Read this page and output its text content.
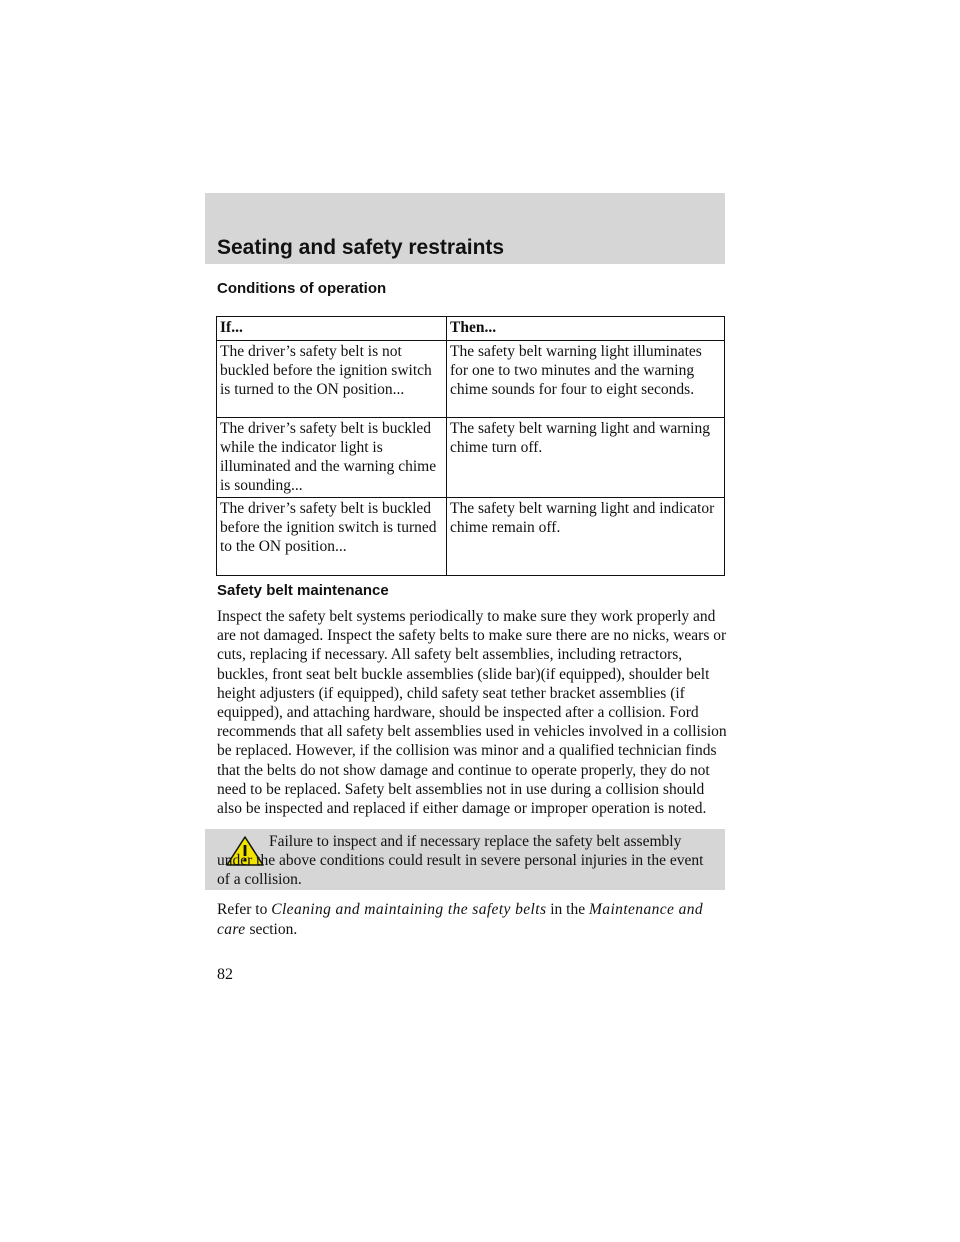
Seating and safety restraints
Conditions of operation
If...	Then...
The driver’s safety belt is not buckled before the ignition switch is turned to the ON position...	The safety belt warning light illuminates for one to two minutes and the warning chime sounds for four to eight seconds.
The driver’s safety belt is buckled while the indicator light is illuminated and the warning chime is sounding...	The safety belt warning light and warning chime turn off.
The driver’s safety belt is buckled before the ignition switch is turned to the ON position...	The safety belt warning light and indicator chime remain off.
Safety belt maintenance

Inspect the safety belt systems periodically to make sure they work properly and are not damaged. Inspect the safety belts to make sure there are no nicks, wears or cuts, replacing if necessary. All safety belt assemblies, including retractors, buckles, front seat belt buckle assemblies (slide bar)(if equipped), shoulder belt height adjusters (if equipped), child safety seat tether bracket assemblies (if equipped), and attaching hardware, should be inspected after a collision. Ford recommends that all safety belt assemblies used in vehicles involved in a collision be replaced. However, if the collision was minor and a qualified technician finds that the belts do not show damage and continue to operate properly, they do not need to be replaced. Safety belt assemblies not in use during a collision should also be inspected and replaced if either damage or improper operation is noted.

Failure to inspect and if necessary replace the safety belt assembly under the above conditions could result in severe personal injuries in the event of a collision.

Refer to Cleaning and maintaining the safety belts in the Maintenance and care section.

82
